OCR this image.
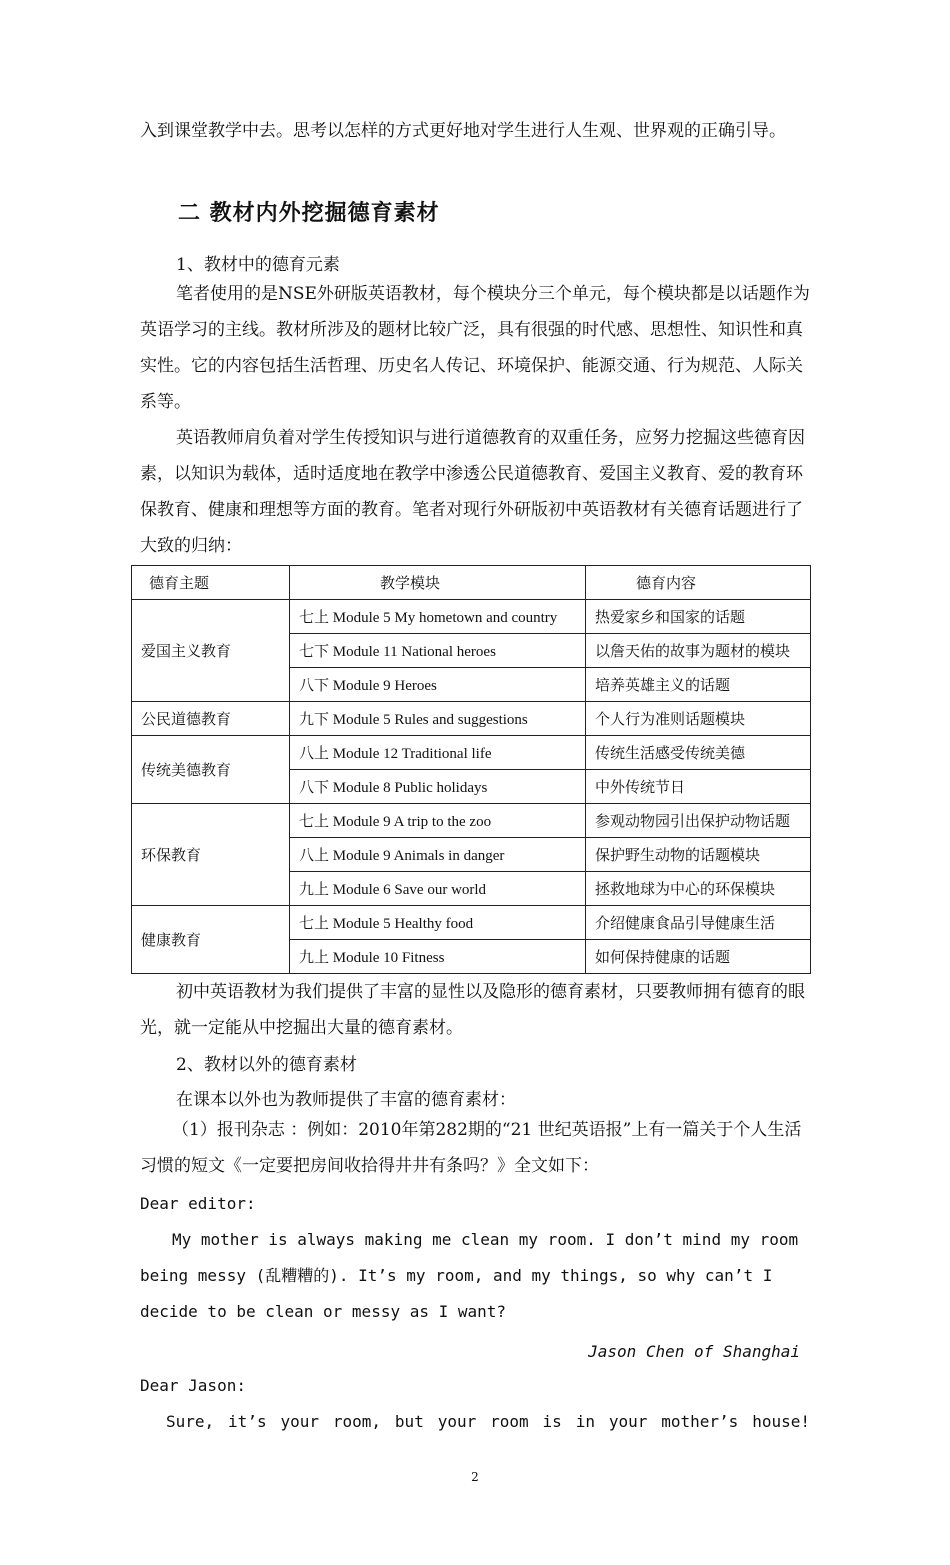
入到课堂教学中去。思考以怎样的方式更好地对学生进行人生观、世界观的正确引导。

二 教材内外挖掘德育素材

1、教材中的德育元素

笔者使用的是NSE外研版英语教材，每个模块分三个单元，每个模块都是以话题作为英语学习的主线。教材所涉及的题材比较广泛，具有很强的时代感、思想性、知识性和真实性。它的内容包括生活哲理、历史名人传记、环境保护、能源交通、行为规范、人际关系等。

英语教师肩负着对学生传授知识与进行道德教育的双重任务，应努力挖掘这些德育因素，以知识为载体，适时适度地在教学中渗透公民道德教育、爱国主义教育、爱的教育环保教育、健康和理想等方面的教育。笔者对现行外研版初中英语教材有关德育话题进行了大致的归纳：

德育主题	教学模块	德育内容
爱国主义教育	七上 Module 5 My hometown and country	热爱家乡和国家的话题
	七下 Module 11 National heroes	以詹天佑的故事为题材的模块
	八下 Module 9 Heroes	培养英雄主义的话题
公民道德教育	九下 Module 5 Rules and suggestions	个人行为准则话题模块
传统美德教育	八上 Module 12 Traditional life	传统生活感受传统美德
	八下 Module 8 Public holidays	中外传统节日
环保教育	七上 Module 9 A trip to the zoo	参观动物园引出保护动物话题
	八上 Module 9 Animals in danger	保护野生动物的话题模块
	九上 Module 6 Save our world	拯救地球为中心的环保模块
健康教育	七上 Module 5 Healthy food	介绍健康食品引导健康生活
	九上 Module 10 Fitness	如何保持健康的话题

初中英语教材为我们提供了丰富的显性以及隐形的德育素材，只要教师拥有德育的眼光，就一定能从中挖掘出大量的德育素材。

2、教材以外的德育素材

在课本以外也为教师提供了丰富的德育素材：

（1）报刊杂志 ：例如：2010年第282期的“21 世纪英语报”上有一篇关于个人生活习惯的短文《一定要把房间收拾得井井有条吗？》全文如下：

Dear editor:

My mother is always making me clean my room. I don’t mind my room being messy (乱糟糟的). It’s my room, and my things, so why can’t I decide to be clean or messy as I want?

Jason Chen of Shanghai

Dear Jason:

Sure, it’s your room, but your room is in your mother’s house!

2
